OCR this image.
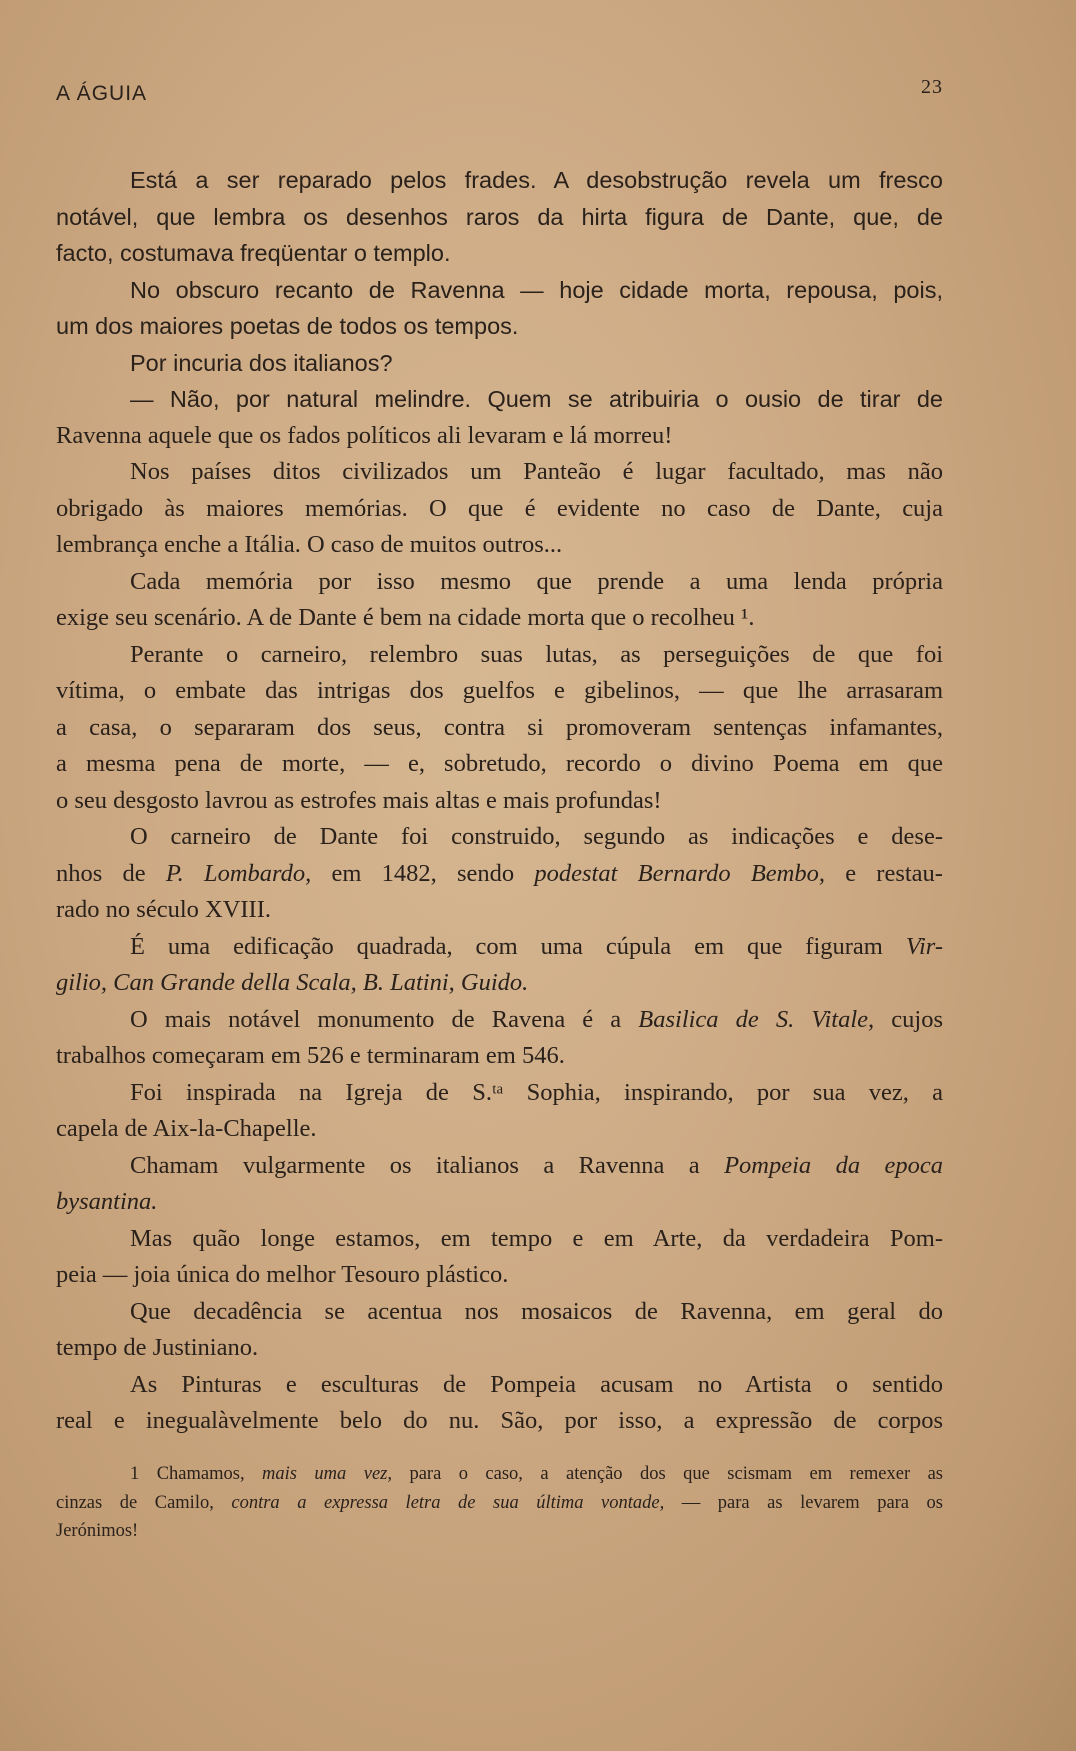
A ÁGUIA	23
Está a ser reparado pelos frades. A desobstrução revela um fresco
notável, que lembra os desenhos raros da hirta figura de Dante, que, de
facto, costumava freqüentar o templo.
No obscuro recanto de Ravenna — hoje cidade morta, repousa, pois,
um dos maiores poetas de todos os tempos.
Por incuria dos italianos?
— Não, por natural melindre. Quem se atribuiria o ousio de tirar de
Ravenna aquele que os fados políticos ali levaram e lá morreu!
Nos países ditos civilizados um Panteão é lugar facultado, mas não
obrigado às maiores memórias. O que é evidente no caso de Dante, cuja
lembrança enche a Itália. O caso de muitos outros...
Cada memória por isso mesmo que prende a uma lenda própria
exige seu scenário. A de Dante é bem na cidade morta que o recolheu ¹.
Perante o carneiro, relembro suas lutas, as perseguições de que foi
vítima, o embate das intrigas dos guelfos e gibelinos, — que lhe arrasaram
a casa, o separaram dos seus, contra si promoveram sentenças infamantes,
a mesma pena de morte, — e, sobretudo, recordo o divino Poema em que
o seu desgosto lavrou as estrofes mais altas e mais profundas!
O carneiro de Dante foi construido, segundo as indicações e dese-
nhos de P. Lombardo, em 1482, sendo podestat Bernardo Bembo, e restau-
rado no século XVIII.
É uma edificação quadrada, com uma cúpula em que figuram Vir-
gilio, Can Grande della Scala, B. Latini, Guido.
O mais notável monumento de Ravena é a Basilica de S. Vitale, cujos
trabalhos começaram em 526 e terminaram em 546.
Foi inspirada na Igreja de S.ᵗᵃ Sophia, inspirando, por sua vez, a
capela de Aix-la-Chapelle.
Chamam vulgarmente os italianos a Ravenna a Pompeia da epoca
bysantina.
Mas quão longe estamos, em tempo e em Arte, da verdadeira Pom-
peia — joia única do melhor Tesouro plástico.
Que decadência se acentua nos mosaicos de Ravenna, em geral do
tempo de Justiniano.
As Pinturas e esculturas de Pompeia acusam no Artista o sentido
real e inegualàvelmente belo do nu. São, por isso, a expressão de corpos
1 Chamamos, mais uma vez, para o caso, a atenção dos que scismam em remexer as
cinzas de Camilo, contra a expressa letra de sua última vontade, — para as levarem para os
Jerónimos!
